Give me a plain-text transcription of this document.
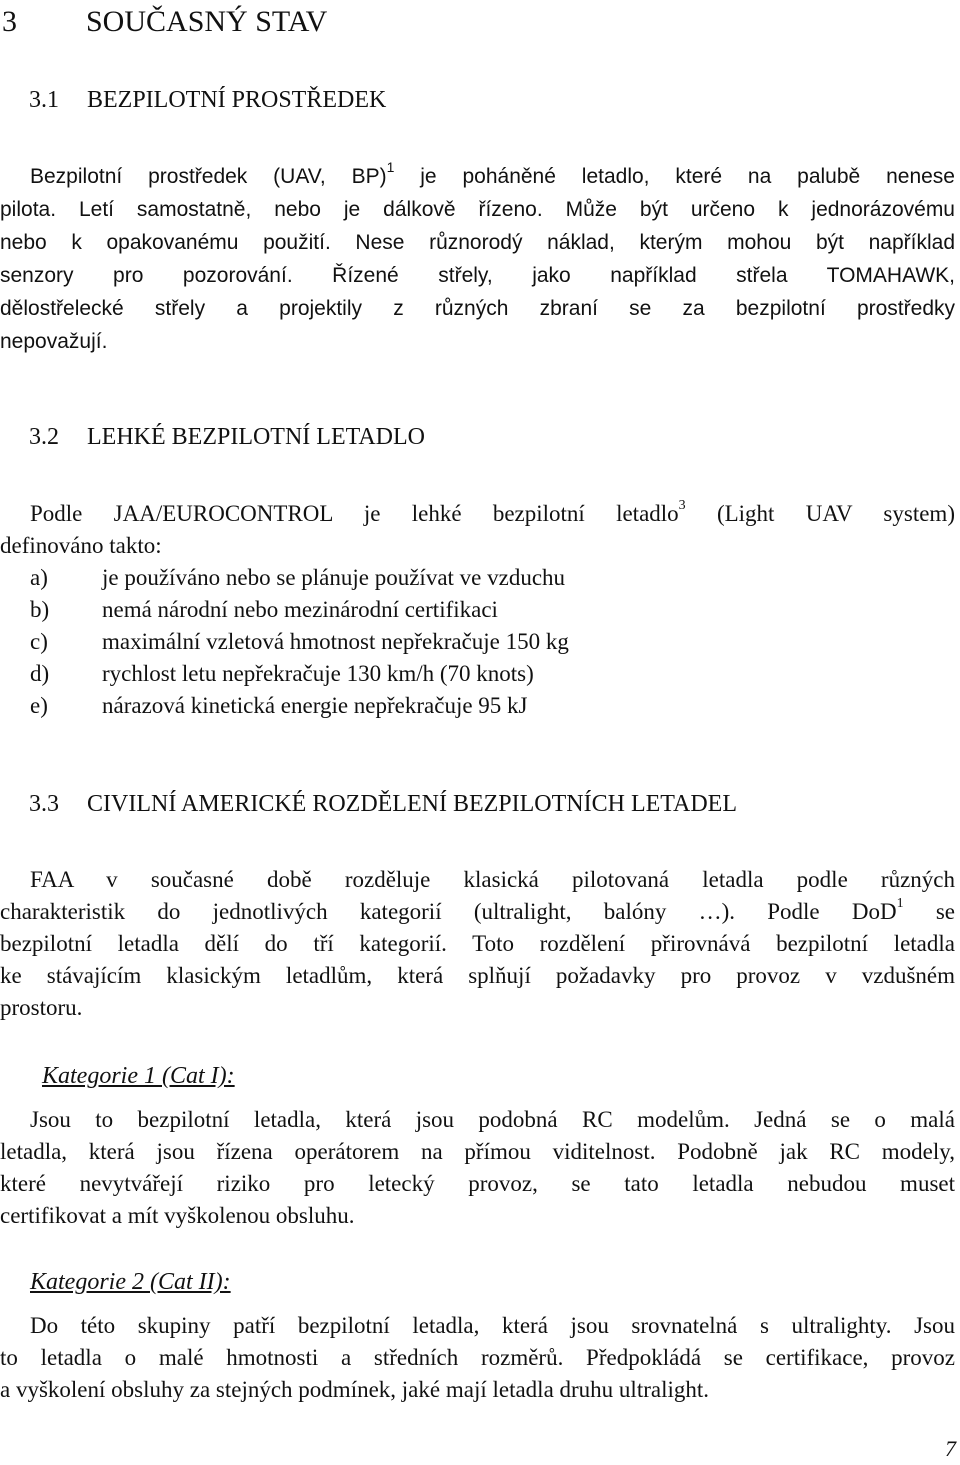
3 SOUČASNÝ STAV
3.1 BEZPILOTNÍ PROSTŘEDEK
Bezpilotní prostředek (UAV, BP)$^1$ je poháněné letadlo, které na palubě nenese
pilota. Letí samostatně, nebo je dálkově řízeno. Může být určeno k jednorázovému
nebo k opakovanému použití. Nese různorodý náklad, kterým mohou být například
senzory pro pozorování. Řízené střely, jako například střela TOMAHAWK,
dělostřelecké střely a projektily z různých zbraní se za bezpilotní prostředky
nepovažují.
3.2 LEHKÉ BEZPILOTNÍ LETADLO
Podle JAA/EUROCONTROL je lehké bezpilotní letadlo$^3$ (Light UAV system)
definováno takto:
a) je používáno nebo se plánuje používat ve vzduchu
b) nemá národní nebo mezinárodní certifikaci
c) maximální vzletová hmotnost nepřekračuje 150 kg
d) rychlost letu nepřekračuje 130 km/h (70 knots)
e) nárazová kinetická energie nepřekračuje 95 kJ
3.3 CIVILNÍ AMERICKÉ ROZDĚLENÍ BEZPILOTNÍCH LETADEL
FAA v současné době rozděluje klasická pilotovaná letadla podle různých
charakteristik do jednotlivých kategorií (ultralight, balóny …). Podle DoD$^1$ se
bezpilotní letadla dělí do tří kategorií. Toto rozdělení přirovnává bezpilotní letadla
ke stávajícím klasickým letadlům, která splňují požadavky pro provoz v vzdušném
prostoru.
Kategorie 1 (Cat I):
Jsou to bezpilotní letadla, která jsou podobná RC modelům. Jedná se o malá
letadla, která jsou řízena operátorem na přímou viditelnost. Podobně jak RC modely,
které nevytvářejí riziko pro letecký provoz, se tato letadla nebudou muset
certifikovat a mít vyškolenou obsluhu.
Kategorie 2 (Cat II):
Do této skupiny patří bezpilotní letadla, která jsou srovnatelná s ultralighty. Jsou
to letadla o malé hmotnosti a středních rozměrů. Předpokládá se certifikace, provoz
a vyškolení obsluhy za stejných podmínek, jaké mají letadla druhu ultralight.
7
